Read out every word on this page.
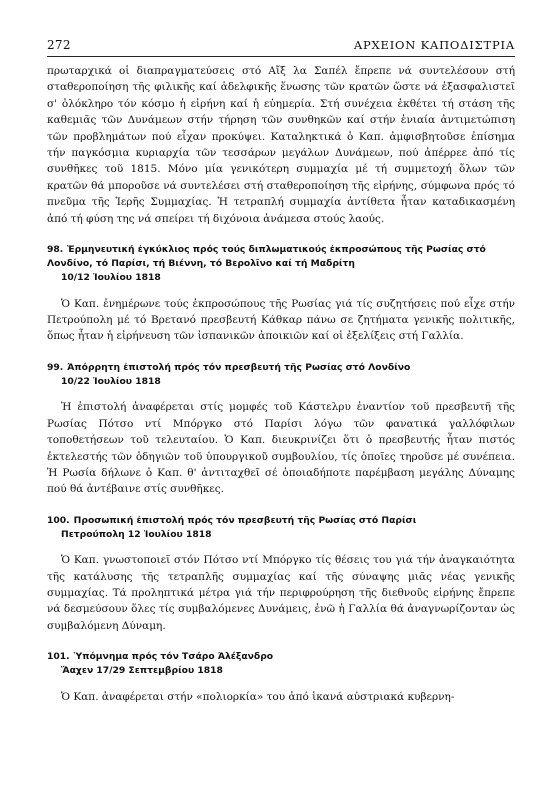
272	ΑΡΧΕΙΟΝ ΚΑΠΟΔΙΣΤΡΙΑ

πρωταρχικά οἱ διαπραγματεύσεις στό Αἴξ λα Σαπέλ ἔπρεπε νά συντελέσουν στή σταθεροποίηση τῆς φιλικῆς καί ἀδελφικῆς ἕνωσης τῶν κρατῶν ὥστε νά ἐξασφαλιστεῖ σ' ὁλόκληρο τόν κόσμο ἡ εἰρήνη καί ἡ εὐημερία. Στή συνέχεια ἐκθέτει τή στάση τῆς καθεμιᾶς τῶν Δυνάμεων στήν τήρηση τῶν συνθηκῶν καί στήν ἑνιαία ἀντιμετώπιση τῶν προβλημάτων πού εἶχαν προκύψει. Καταληκτικά ὁ Καπ. ἀμφισβητοῦσε ἐπίσημα τήν παγκόσμια κυριαρχία τῶν τεσσάρων μεγάλων Δυνάμεων, πού ἀπέρρεε ἀπό τίς συνθῆκες τοῦ 1815. Μόνο μία γενικότερη συμμαχία μέ τή συμμετοχή ὅλων τῶν κρατῶν θά μποροῦσε νά συντελέσει στή σταθεροποίηση τῆς εἰρήνης, σύμφωνα πρός τό πνεῦμα τῆς Ἱερῆς Συμμαχίας. Ἡ τετραπλή συμμαχία ἀντίθετα ἦταν καταδικασμένη ἀπό τή φύση της νά σπείρει τή διχόνοια ἀνάμεσα στούς λαούς.

98. Ἑρμηνευτική ἐγκύκλιος πρός τούς διπλωματικούς ἐκπροσώπους τῆς Ρωσίας στό Λονδίνο, τό Παρίσι, τή Βιέννη, τό Βερολῖνο καί τή Μαδρίτη
10/12 Ἰουλίου 1818

Ὁ Καπ. ἐνημέρωνε τούς ἐκπροσώπους τῆς Ρωσίας γιά τίς συζητήσεις πού εἶχε στήν Πετρούπολη μέ τό Βρετανό πρεσβευτή Κάθκαρ πάνω σε ζητήματα γενικῆς πολιτικῆς, ὅπως ἦταν ἡ εἰρήνευση τῶν ἰσπανικῶν ἀποικιῶν καί οἱ ἐξελίξεις στή Γαλλία.

99. Ἀπόρρητη ἐπιστολή πρός τόν πρεσβευτή τῆς Ρωσίας στό Λονδίνο
10/22 Ἰουλίου 1818

Ἡ ἐπιστολή ἀναφέρεται στίς μομφές τοῦ Κάστελρυ ἐναντίον τοῦ πρεσβευτῆ τῆς Ρωσίας Πότσο ντί Μπόργκο στό Παρίσι λόγω τῶν φανατικά γαλλόφιλων τοποθετήσεων τοῦ τελευταίου. Ὁ Καπ. διευκρινίζει ὅτι ὁ πρεσβευτής ἦταν πιστός ἐκτελεστής τῶν ὁδηγιῶν τοῦ ὑπουργικοῦ συμβουλίου, τίς ὁποῖες τηροῦσε μέ συνέπεια. Ἡ Ρωσία δήλωνε ὁ Καπ. θ' ἀντιταχθεῖ σέ ὁποιαδήποτε παρέμβαση μεγάλης Δύναμης πού θά ἀντέβαινε στίς συνθῆκες.

100. Προσωπική ἐπιστολή πρός τόν πρεσβευτή τῆς Ρωσίας στό Παρίσι
Πετρούπολη 12 Ἰουλίου 1818

Ὁ Καπ. γνωστοποιεῖ στόν Πότσο ντί Μπόργκο τίς θέσεις του γιά τήν ἀναγκαιότητα τῆς κατάλυσης τῆς τετραπλῆς συμμαχίας καί τῆς σύναψης μιᾶς νέας γενικῆς συμμαχίας. Τά προληπτικά μέτρα γιά τήν περιφρούρηση τῆς διεθνοῦς εἰρήνης ἔπρεπε νά δεσμεύσουν ὅλες τίς συμβαλόμενες Δυνάμεις, ἐνῶ ἡ Γαλλία θά ἀναγνωρίζονταν ὡς συμβαλόμενη Δύναμη.

101. Ὑπόμνημα πρός τόν Τσάρο Ἀλέξανδρο
Ἄαχεν 17/29 Σεπτεμβρίου 1818

Ὁ Καπ. ἀναφέρεται στήν «πολιορκία» του ἀπό ἱκανά αὐστριακά κυβερνη-
